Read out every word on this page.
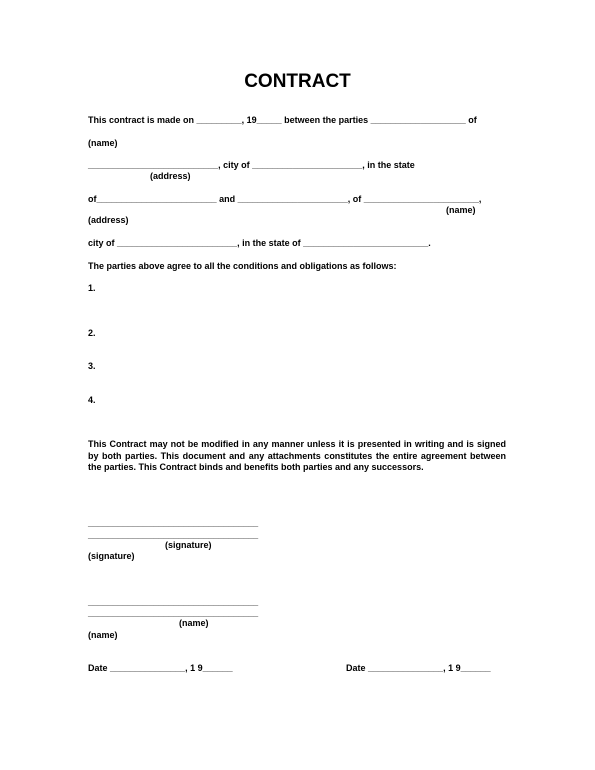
CONTRACT
This contract is made on _________, 19_____ between the parties ___________________ of
(name)
__________________________, city of ______________________, in the state
(address)
of________________________ and ______________________, of _______________________,
(name)
(address)
city of ________________________, in the state of _________________________.
The parties above agree to all the conditions and obligations as follows:
1.
2.
3.
4.
This Contract may not be modified in any manner unless it is presented in writing and is signed by both parties. This document and any attachments constitutes the entire agreement between the parties. This Contract binds and benefits both parties and any successors.
__________________________________
__________________________________
(signature)
(signature)
__________________________________
__________________________________
(name)
(name)
Date _______________, 1 9______	Date _______________, 1 9______
